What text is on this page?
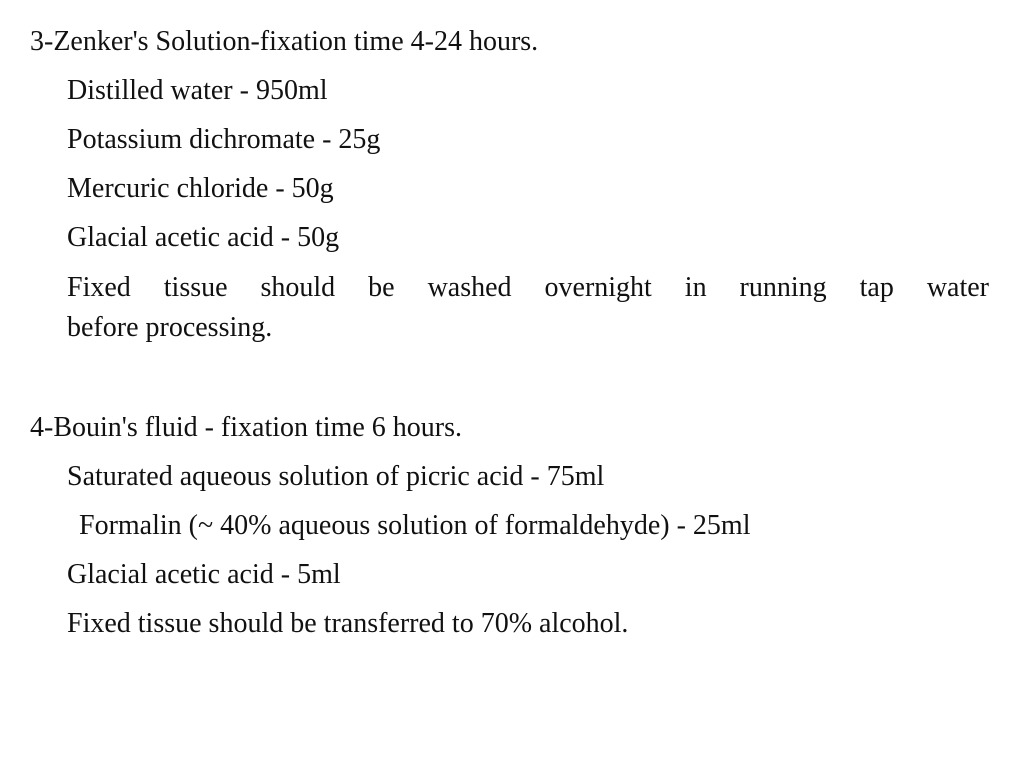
3-Zenker's Solution-fixation time 4-24 hours.
Distilled water - 950ml
Potassium dichromate - 25g
Mercuric chloride - 50g
Glacial acetic acid - 50g
Fixed tissue should be washed overnight in running tap water
before processing.
4-Bouin's fluid - fixation time 6 hours.
Saturated aqueous solution of picric acid - 75ml
Formalin (~ 40% aqueous solution of formaldehyde) - 25ml
Glacial acetic acid - 5ml
Fixed tissue should be transferred to 70% alcohol.
